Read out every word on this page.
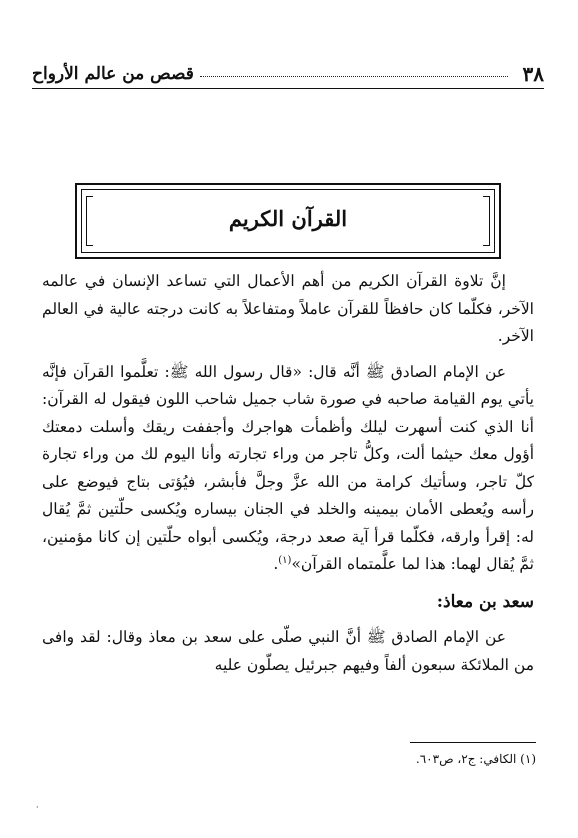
٣٨
قصص من عالم الأرواح
القرآن الكريم

إنَّ تلاوة القرآن الكريم من أهم الأعمال التي تساعد الإنسان في عالمه الآخر، فكلّما كان حافظاً للقرآن عاملاً ومتفاعلاً به كانت درجته عالية في العالم الآخر.

عن الإمام الصادق ﷺ أنَّه قال: «قال رسول الله ﷺ: تعلَّموا القرآن فإنَّه يأتي يوم القيامة صاحبه في صورة شاب جميل شاحب اللون فيقول له القرآن: أنا الذي كنت أسهرت ليلك وأظمأت هواجرك وأجففت ريقك وأسلت دمعتك أؤول معك حيثما ألت، وكلُّ تاجر من وراء تجارته وأنا اليوم لك من وراء تجارة كلّ تاجر، وسأتيك كرامة من الله عزَّ وجلَّ فأبشر، فيُؤتى بتاج فيوضع على رأسه ويُعطى الأمان بيمينه والخلد في الجنان بيساره ويُكسى حلّتين ثمَّ يُقال له: إقرأ وارقه، فكلّما قرأ آية صعد درجة، ويُكسى أبواه حلّتين إن كانا مؤمنين، ثمَّ يُقال لهما: هذا لما علَّمتماه القرآن»$^{(١)}$.

سعد بن معاذ:

عن الإمام الصادق ﷺ أنَّ النبي صلّى على سعد بن معاذ وقال: لقد وافى من الملائكة سبعون ألفاً وفيهم جبرئيل يصلّون عليه

(١) الكافي: ج٢، ص٦٠٣.
·
